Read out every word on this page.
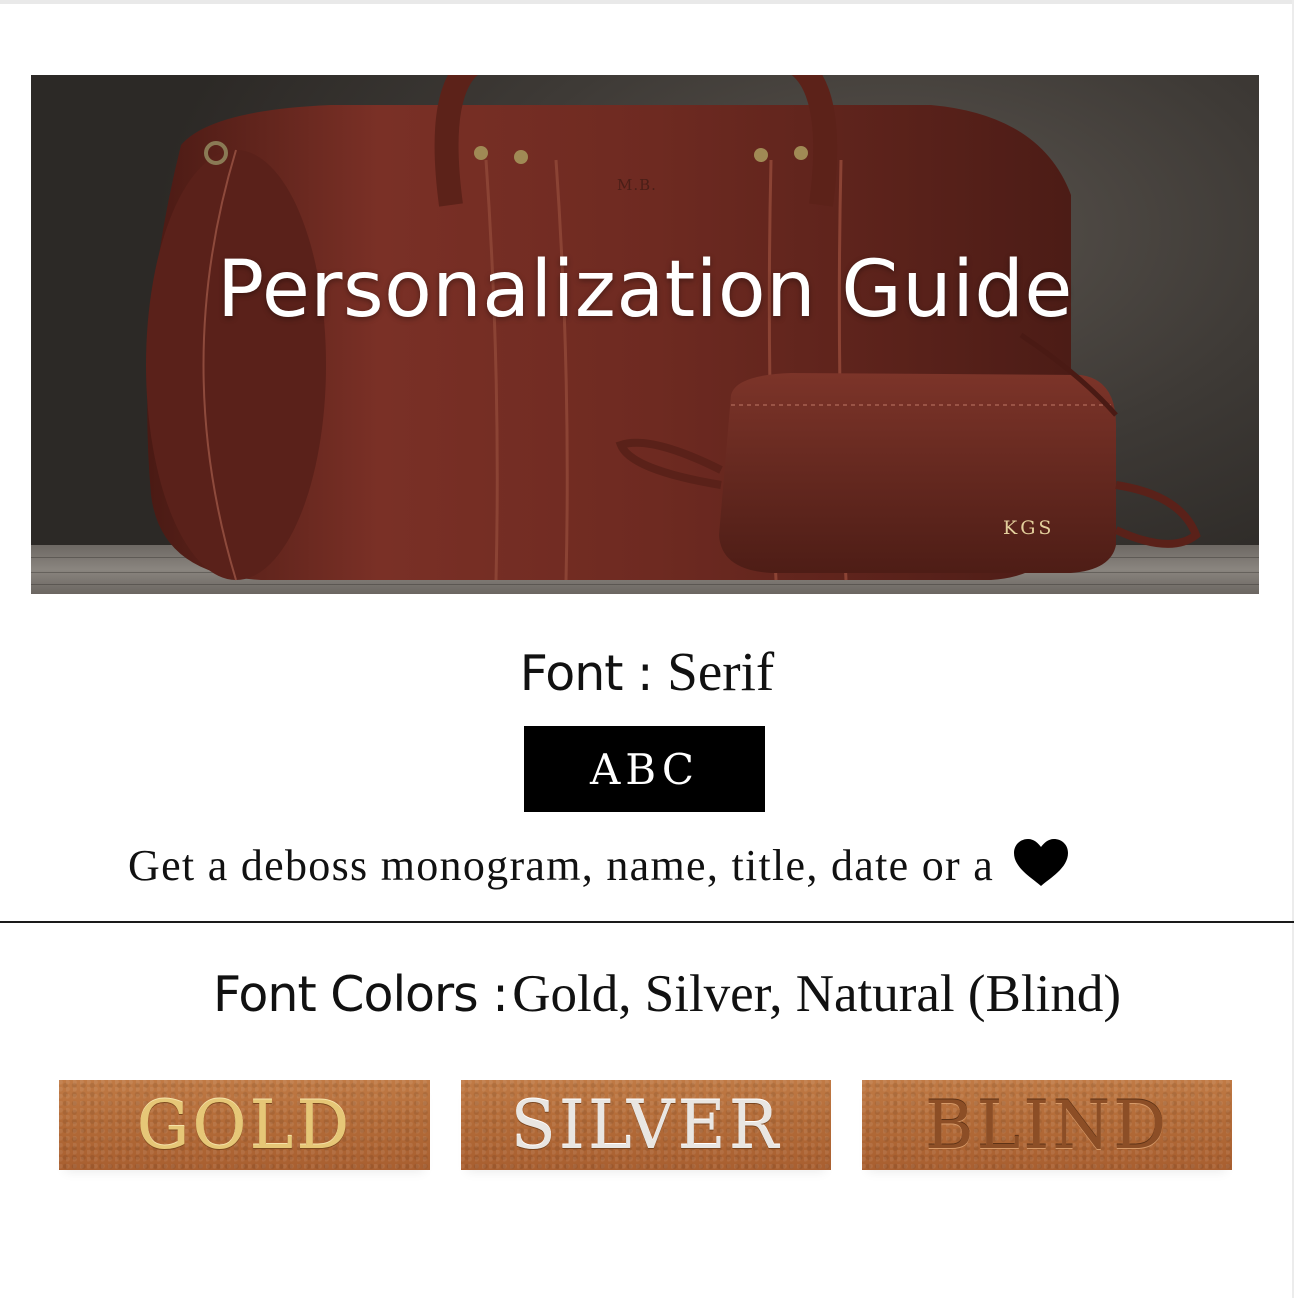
Personalization Guide
M.B.
KGS
Font : Serif
ABC
Get a deboss monogram, name, title, date or a
Font Colors : Gold, Silver, Natural (Blind)
GOLD SILVER BLIND
